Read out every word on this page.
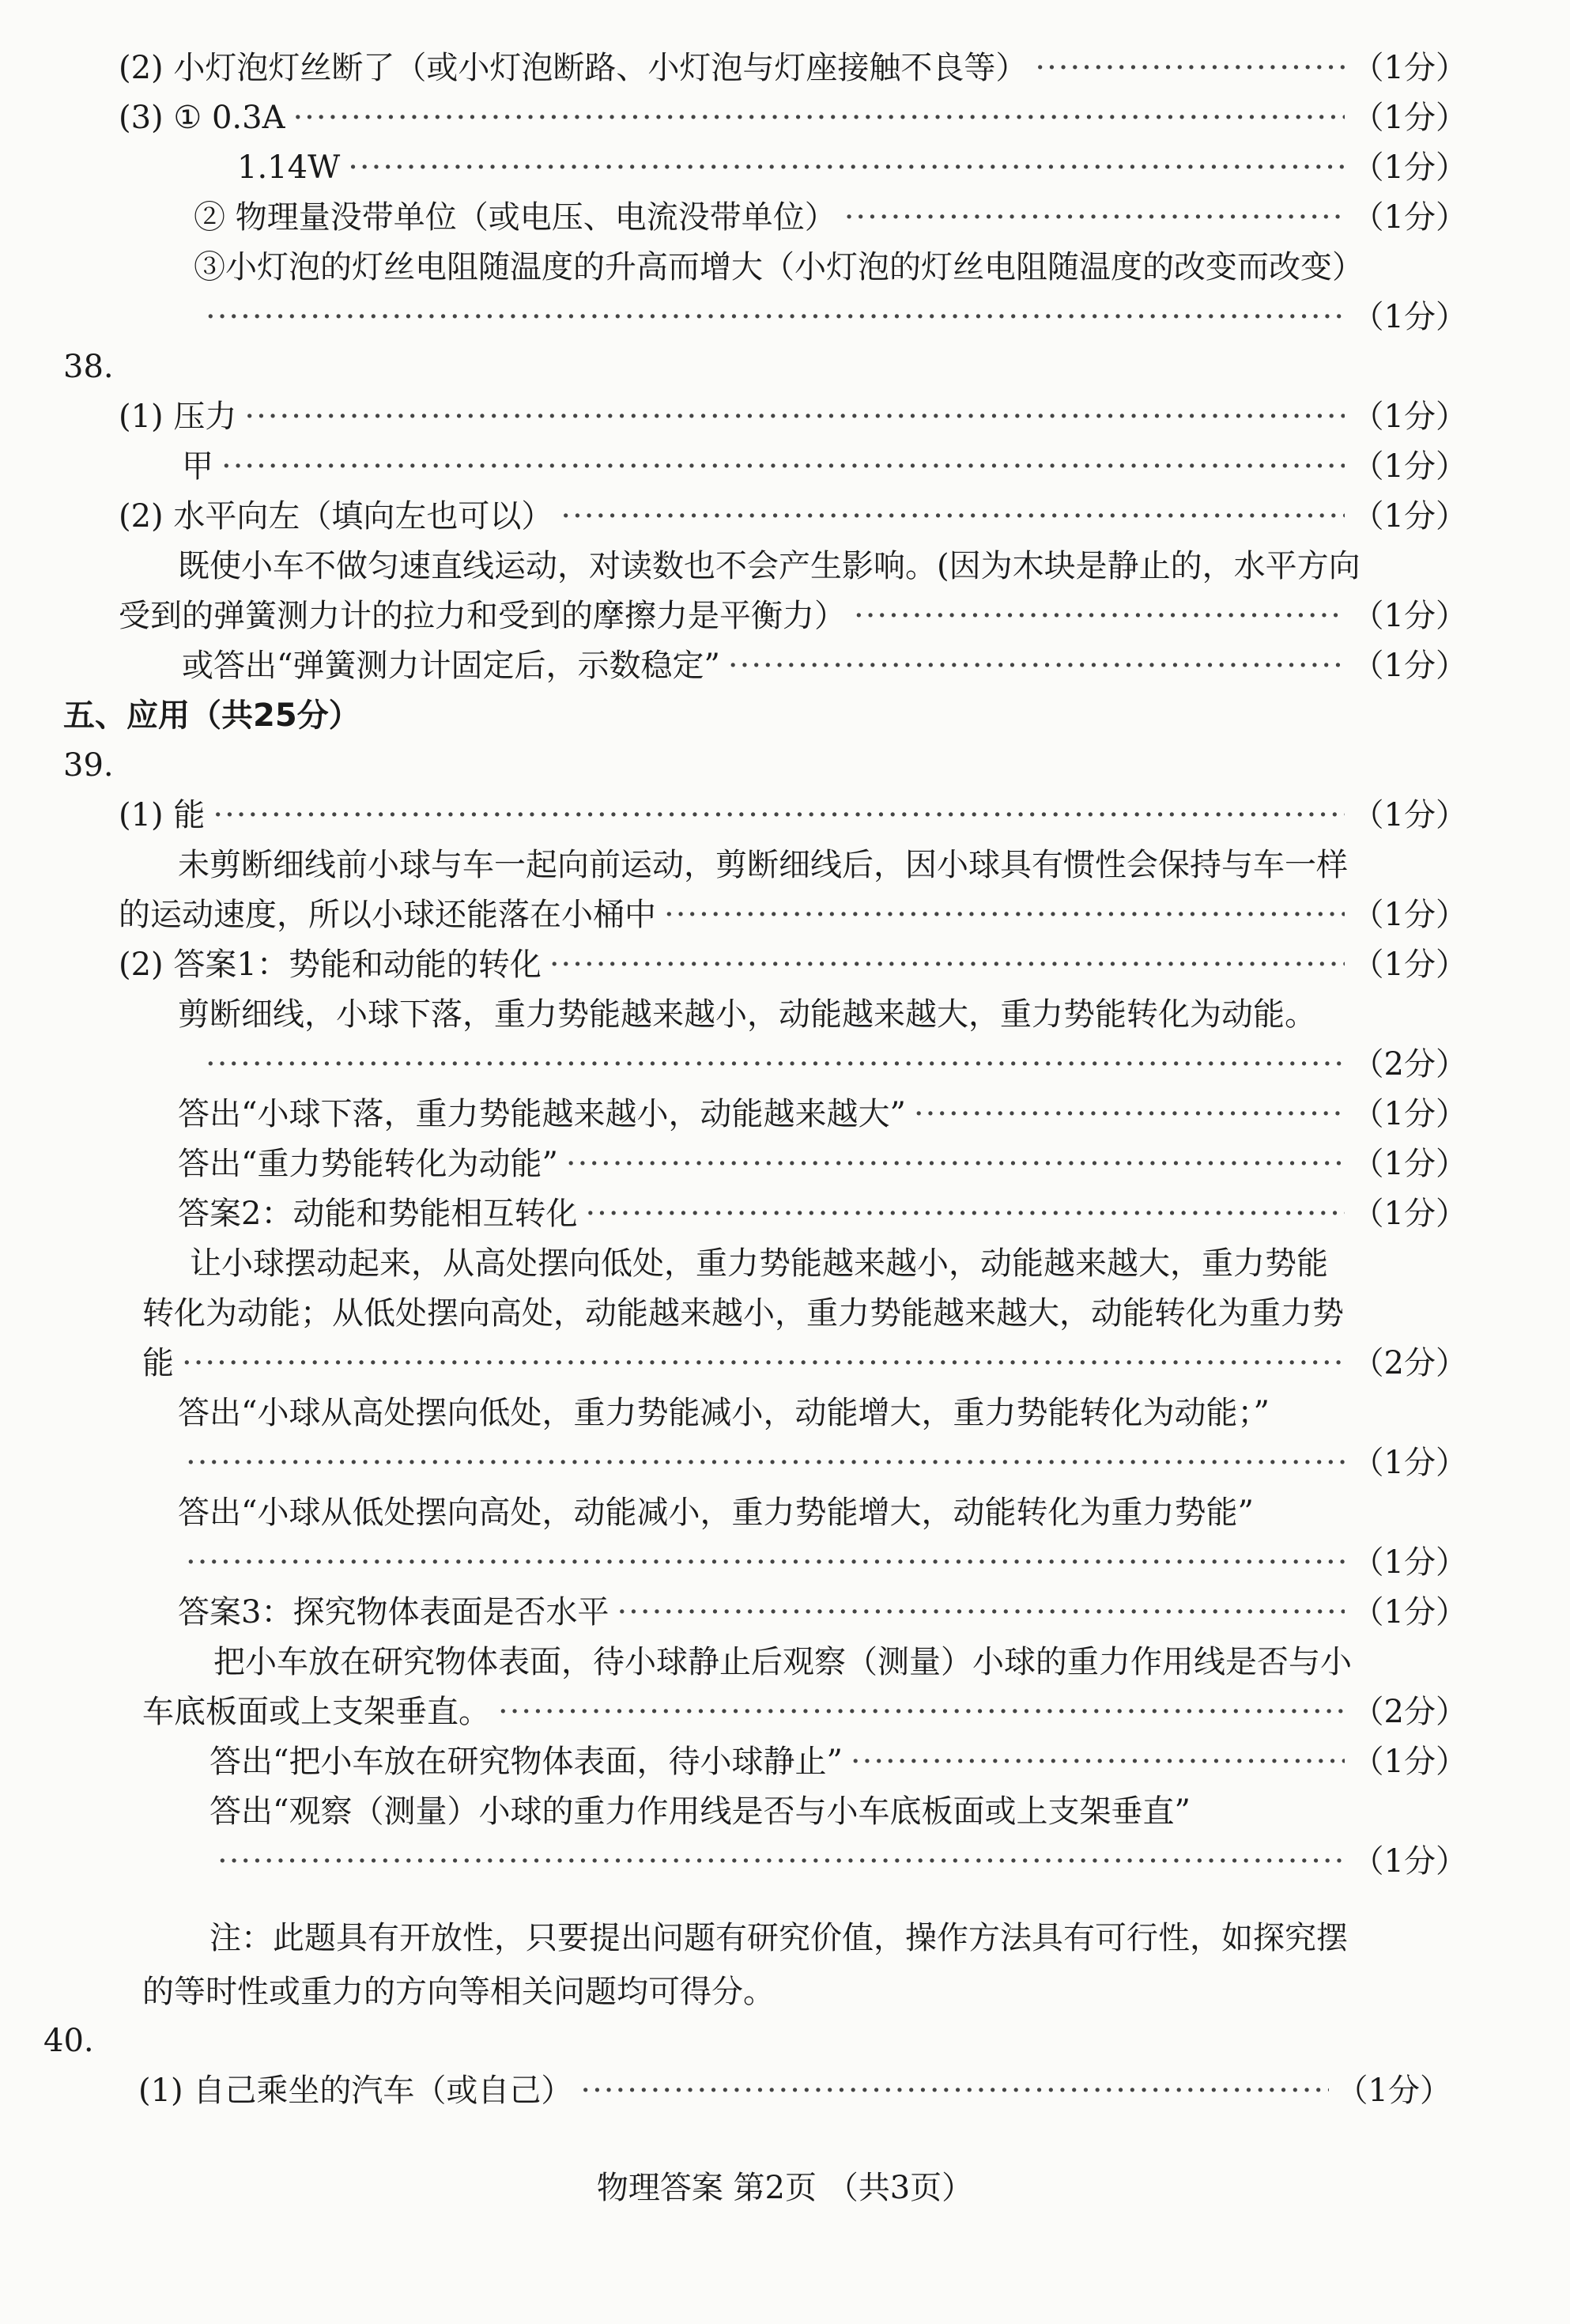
(2) 小灯泡灯丝断了（或小灯泡断路、小灯泡与灯座接触不良等） ·····	（1分）
(3) ① 0.3A ·····	（1分）
1.14W ·····	（1分）
② 物理量没带单位（或电压、电流没带单位） ·····	（1分）
③小灯泡的灯丝电阻随温度的升高而增大（小灯泡的灯丝电阻随温度的改变而改变）
·····
（1分）
38.
(1) 压力 ·····	（1分）
甲 ·····	（1分）
(2) 水平向左（填向左也可以） ·····	（1分）
既使小车不做匀速直线运动，对读数也不会产生影响。(因为木块是静止的，水平方向
受到的弹簧测力计的拉力和受到的摩擦力是平衡力） ·····	（1分）
或答出“弹簧测力计固定后，示数稳定” ·····	（1分）
五、应用（共25分）
39.
(1) 能 ·····	（1分）
未剪断细线前小球与车一起向前运动，剪断细线后，因小球具有惯性会保持与车一样
的运动速度，所以小球还能落在小桶中 ·····	（1分）
(2) 答案1：势能和动能的转化 ·····	（1分）
剪断细线，小球下落，重力势能越来越小，动能越来越大，重力势能转化为动能。
·····
（2分）
答出“小球下落，重力势能越来越小，动能越来越大” ·····	（1分）
答出“重力势能转化为动能” ·····	（1分）
答案2：动能和势能相互转化 ·····	（1分）
让小球摆动起来，从高处摆向低处，重力势能越来越小，动能越来越大，重力势能
转化为动能；从低处摆向高处，动能越来越小，重力势能越来越大，动能转化为重力势
能 ·····	（2分）
答出“小球从高处摆向低处，重力势能减小，动能增大，重力势能转化为动能；”
·····
（1分）
答出“小球从低处摆向高处，动能减小，重力势能增大，动能转化为重力势能”
·····
（1分）
答案3：探究物体表面是否水平 ·····	（1分）
把小车放在研究物体表面，待小球静止后观察（测量）小球的重力作用线是否与小
车底板面或上支架垂直。 ·····	（2分）
答出“把小车放在研究物体表面，待小球静止” ·····	（1分）
答出“观察（测量）小球的重力作用线是否与小车底板面或上支架垂直”
·····
（1分）
注：此题具有开放性，只要提出问题有研究价值，操作方法具有可行性，如探究摆
的等时性或重力的方向等相关问题均可得分。
40.
(1) 自己乘坐的汽车（或自己） ·····	（1分）
物理答案 第2页 （共3页）
